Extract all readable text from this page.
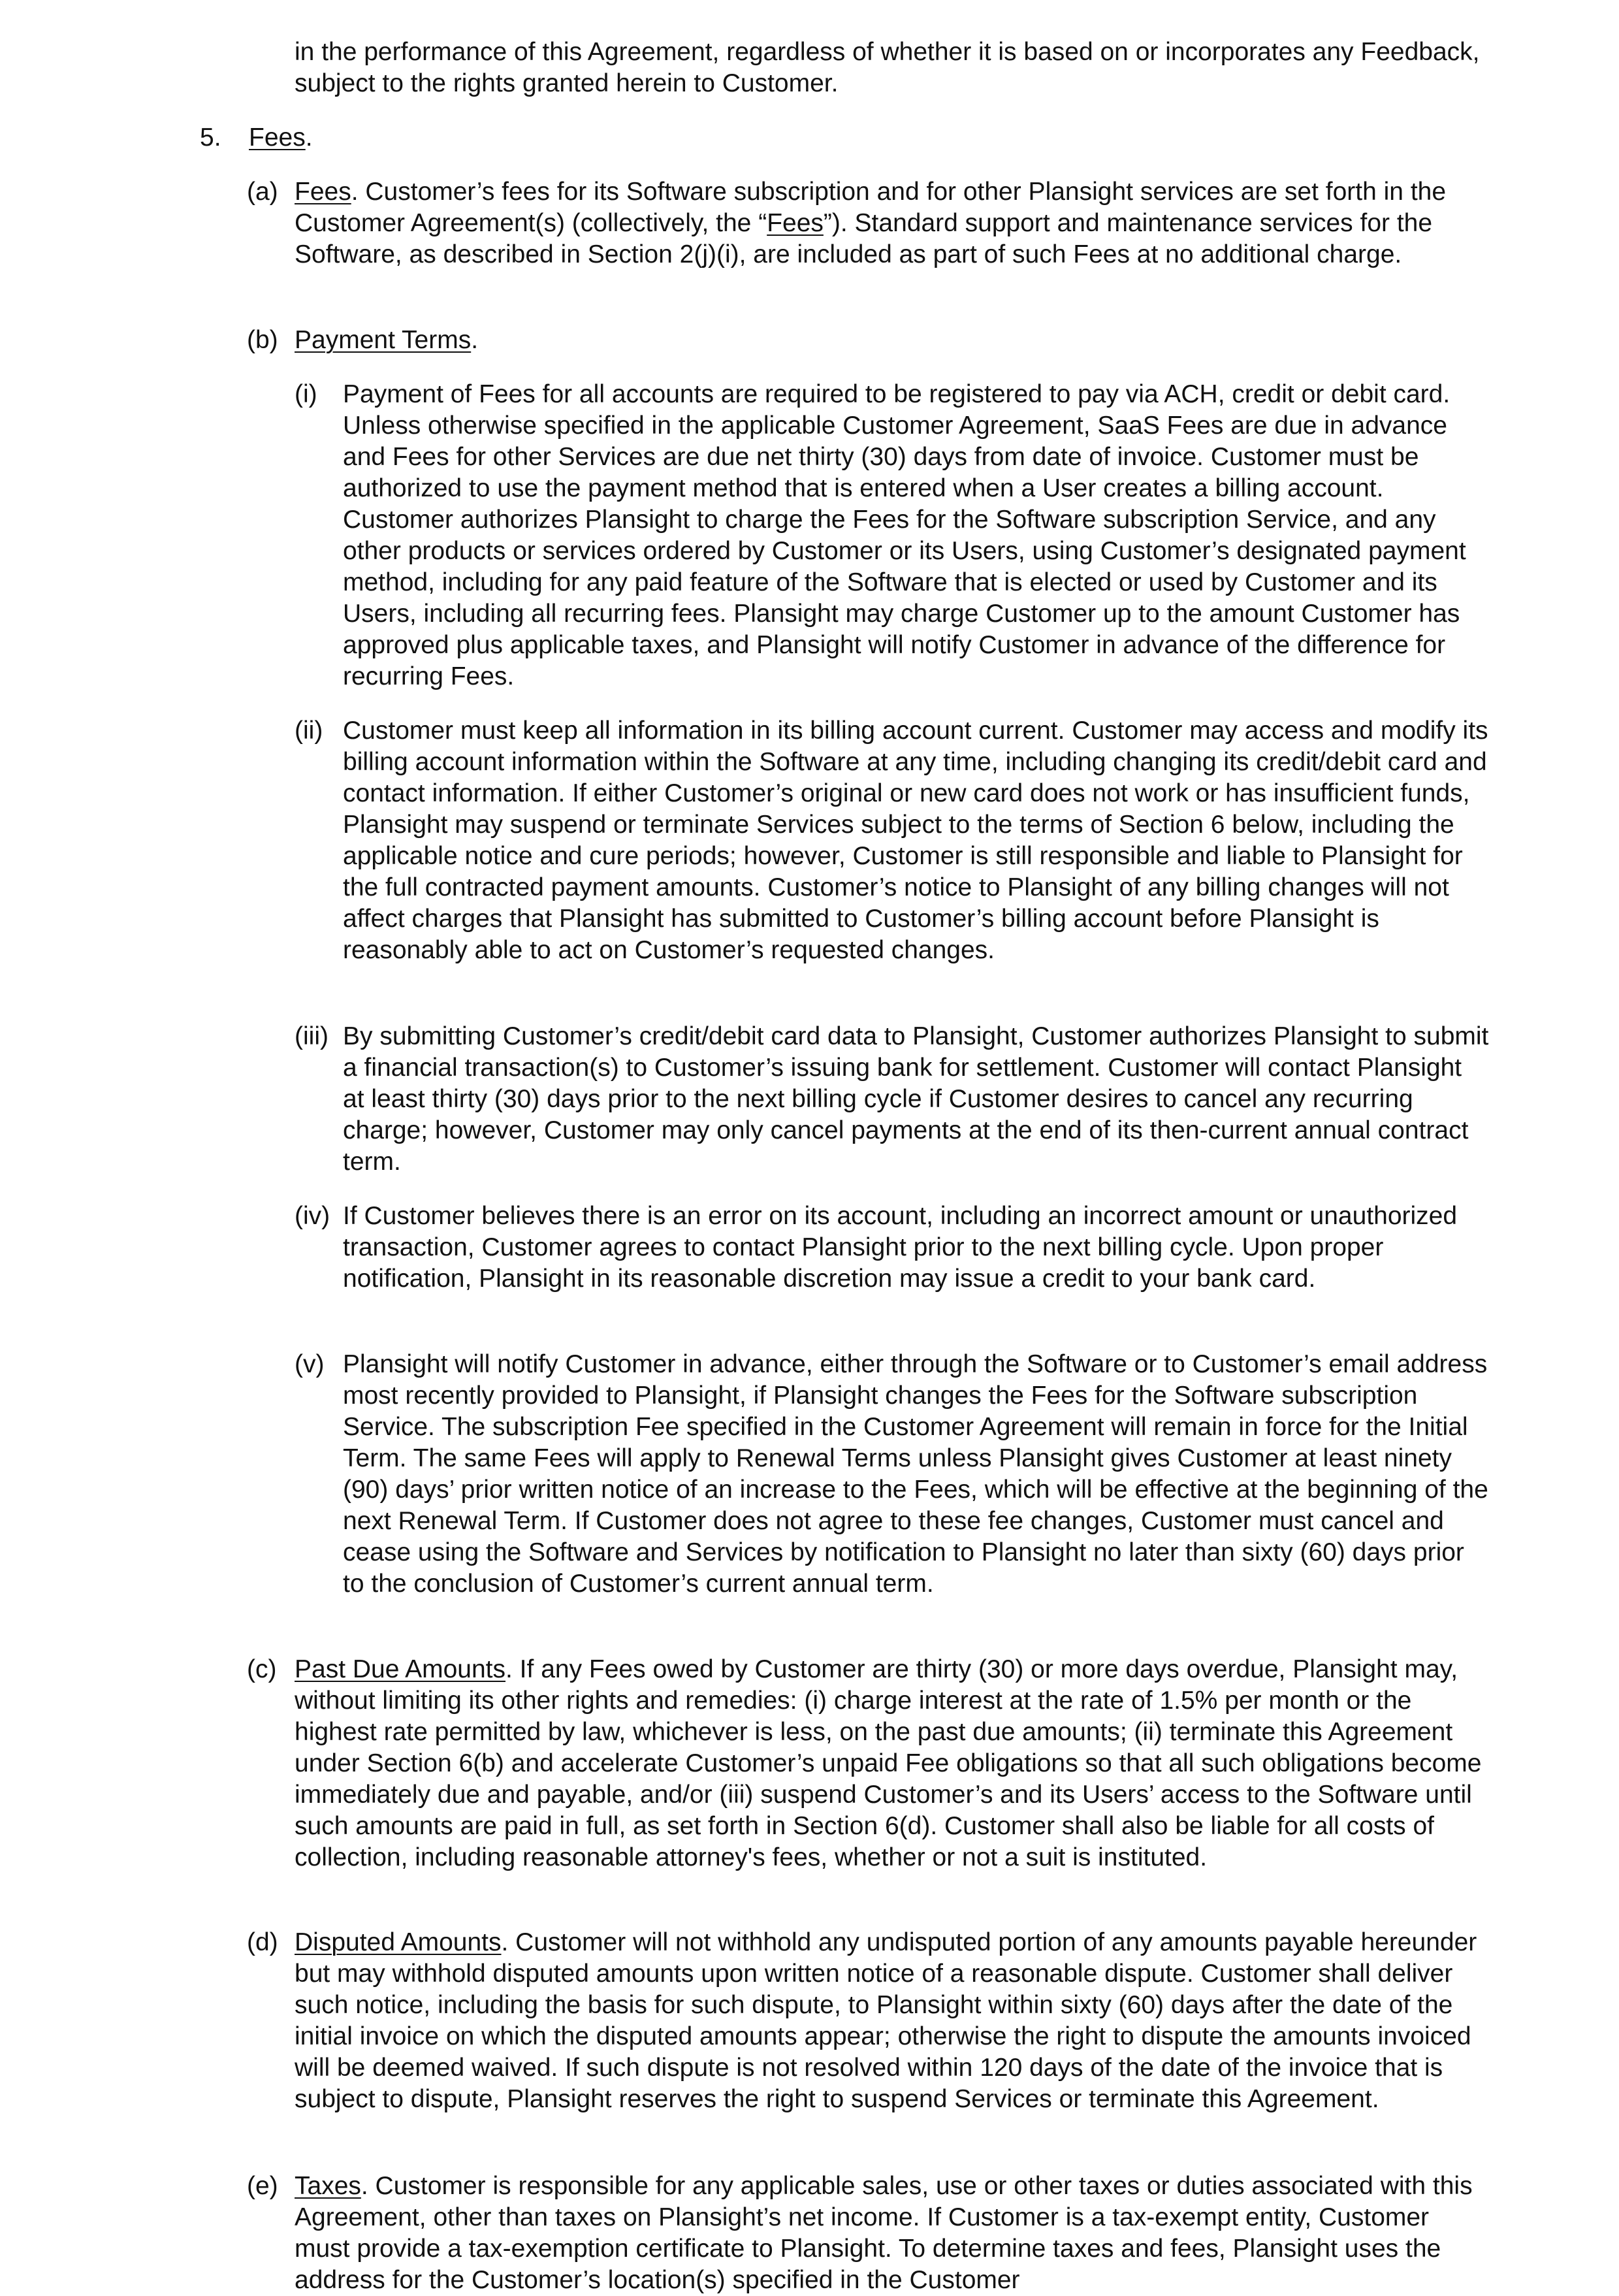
in the performance of this Agreement, regardless of whether it is based on or incorporates any Feedback, subject to the rights granted herein to Customer.

5. Fees.
(a) Fees. Customer’s fees for its Software subscription and for other Plansight services are set forth in the Customer Agreement(s) (collectively, the “Fees”). Standard support and maintenance services for the Software, as described in Section 2(j)(i), are included as part of such Fees at no additional charge.

(b) Payment Terms.
(i) Payment of Fees for all accounts are required to be registered to pay via ACH, credit or debit card. Unless otherwise specified in the applicable Customer Agreement, SaaS Fees are due in advance and Fees for other Services are due net thirty (30) days from date of invoice. Customer must be authorized to use the payment method that is entered when a User creates a billing account. Customer authorizes Plansight to charge the Fees for the Software subscription Service, and any other products or services ordered by Customer or its Users, using Customer’s designated payment method, including for any paid feature of the Software that is elected or used by Customer and its Users, including all recurring fees. Plansight may charge Customer up to the amount Customer has approved plus applicable taxes, and Plansight will notify Customer in advance of the difference for recurring Fees.

(ii) Customer must keep all information in its billing account current. Customer may access and modify its billing account information within the Software at any time, including changing its credit/debit card and contact information. If either Customer’s original or new card does not work or has insufficient funds, Plansight may suspend or terminate Services subject to the terms of Section 6 below, including the applicable notice and cure periods; however, Customer is still responsible and liable to Plansight for the full contracted payment amounts. Customer’s notice to Plansight of any billing changes will not affect charges that Plansight has submitted to Customer’s billing account before Plansight is reasonably able to act on Customer’s requested changes.

(iii) By submitting Customer’s credit/debit card data to Plansight, Customer authorizes Plansight to submit a financial transaction(s) to Customer’s issuing bank for settlement. Customer will contact Plansight at least thirty (30) days prior to the next billing cycle if Customer desires to cancel any recurring charge; however, Customer may only cancel payments at the end of its then-current annual contract term.

(iv) If Customer believes there is an error on its account, including an incorrect amount or unauthorized transaction, Customer agrees to contact Plansight prior to the next billing cycle. Upon proper notification, Plansight in its reasonable discretion may issue a credit to your bank card.

(v) Plansight will notify Customer in advance, either through the Software or to Customer’s email address most recently provided to Plansight, if Plansight changes the Fees for the Software subscription Service. The subscription Fee specified in the Customer Agreement will remain in force for the Initial Term. The same Fees will apply to Renewal Terms unless Plansight gives Customer at least ninety (90) days’ prior written notice of an increase to the Fees, which will be effective at the beginning of the next Renewal Term. If Customer does not agree to these fee changes, Customer must cancel and cease using the Software and Services by notification to Plansight no later than sixty (60) days prior to the conclusion of Customer’s current annual term.

(c) Past Due Amounts. If any Fees owed by Customer are thirty (30) or more days overdue, Plansight may, without limiting its other rights and remedies: (i) charge interest at the rate of 1.5% per month or the highest rate permitted by law, whichever is less, on the past due amounts; (ii) terminate this Agreement under Section 6(b) and accelerate Customer’s unpaid Fee obligations so that all such obligations become immediately due and payable, and/or (iii) suspend Customer’s and its Users’ access to the Software until such amounts are paid in full, as set forth in Section 6(d). Customer shall also be liable for all costs of collection, including reasonable attorney's fees, whether or not a suit is instituted.

(d) Disputed Amounts. Customer will not withhold any undisputed portion of any amounts payable hereunder but may withhold disputed amounts upon written notice of a reasonable dispute. Customer shall deliver such notice, including the basis for such dispute, to Plansight within sixty (60) days after the date of the initial invoice on which the disputed amounts appear; otherwise the right to dispute the amounts invoiced will be deemed waived. If such dispute is not resolved within 120 days of the date of the invoice that is subject to dispute, Plansight reserves the right to suspend Services or terminate this Agreement.

(e) Taxes. Customer is responsible for any applicable sales, use or other taxes or duties associated with this Agreement, other than taxes on Plansight’s net income. If Customer is a tax-exempt entity, Customer must provide a tax-exemption certificate to Plansight. To determine taxes and fees, Plansight uses the address for the Customer’s location(s) specified in the Customer
